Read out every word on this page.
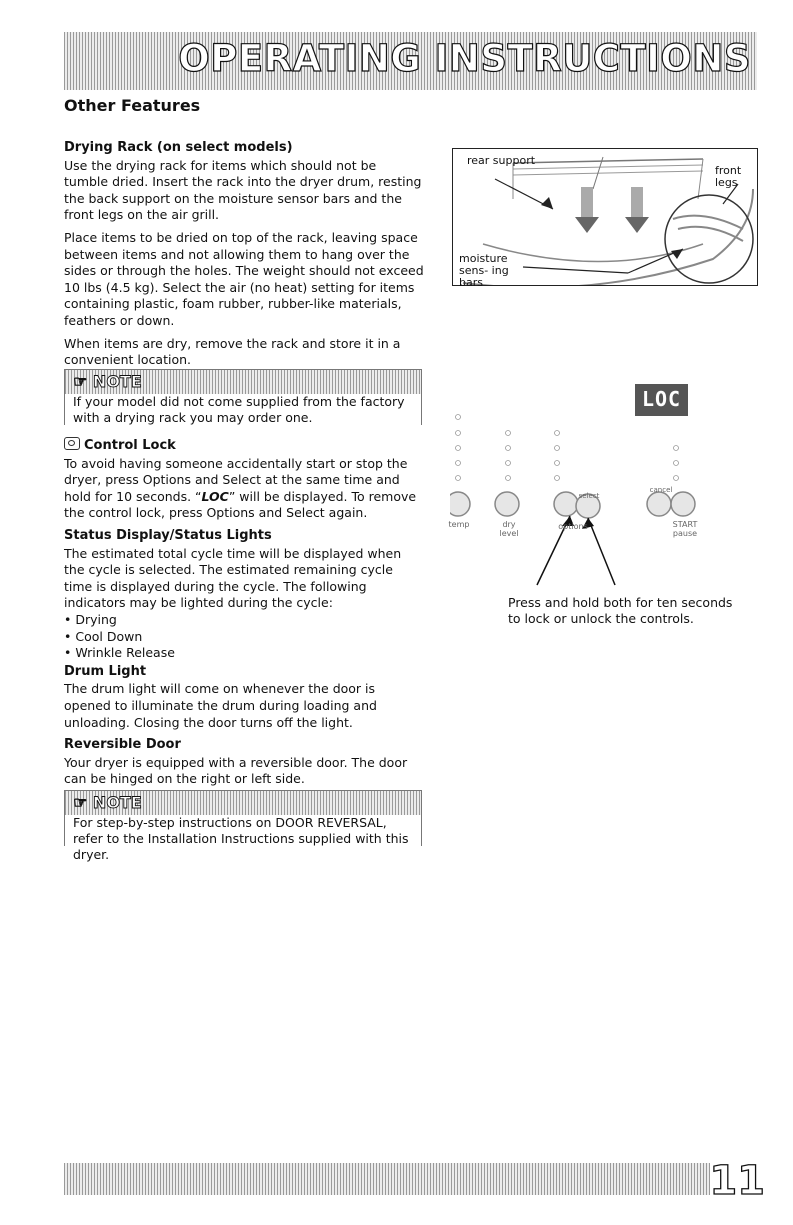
OPERATING INSTRUCTIONS
Other Features
Drying Rack (on select models)

Use the drying rack for items which should not be tumble dried. Insert the rack into the dryer drum, resting the back support on the moisture sensor bars and the front legs on the air grill.

Place items to be dried on top of the rack, leaving space between items and not allowing them to hang over the sides or through the holes. The weight should not exceed 10 lbs (4.5 kg). Select the air (no heat) setting for items containing plastic, foam rubber, rubber-like materials, feathers or down.

When items are dry, remove the rack and store it in a convenient location.

☞ NOTE
If your model did not come supplied from the factory with a drying rack you may order one.
Control Lock

To avoid having someone accidentally start or stop the dryer, press Options and Select at the same time and hold for 10 seconds. “LOC” will be displayed. To remove the control lock, press Options and Select again.

Status Display/Status Lights

The estimated total cycle time will be displayed when the cycle is selected. The estimated remaining cycle time is displayed during the cycle. The following indicators may be lighted during the cycle:

• Drying
• Cool Down
• Wrinkle Release
Drum Light

The drum light will come on whenever the door is opened to illuminate the drum during loading and unloading. Closing the door turns off the light.

Reversible Door

Your dryer is equipped with a reversible door. The door can be hinged on the right or left side.

☞ NOTE
For step-by-step instructions on DOOR REVERSAL, refer to the Installation Instructions supplied with this dryer.
rear support
front legs
moisture sens- ing bars
LOC
temp	dry level
options
select
cancel
START
pause
Press and hold both for ten seconds to lock or unlock the controls.
11
